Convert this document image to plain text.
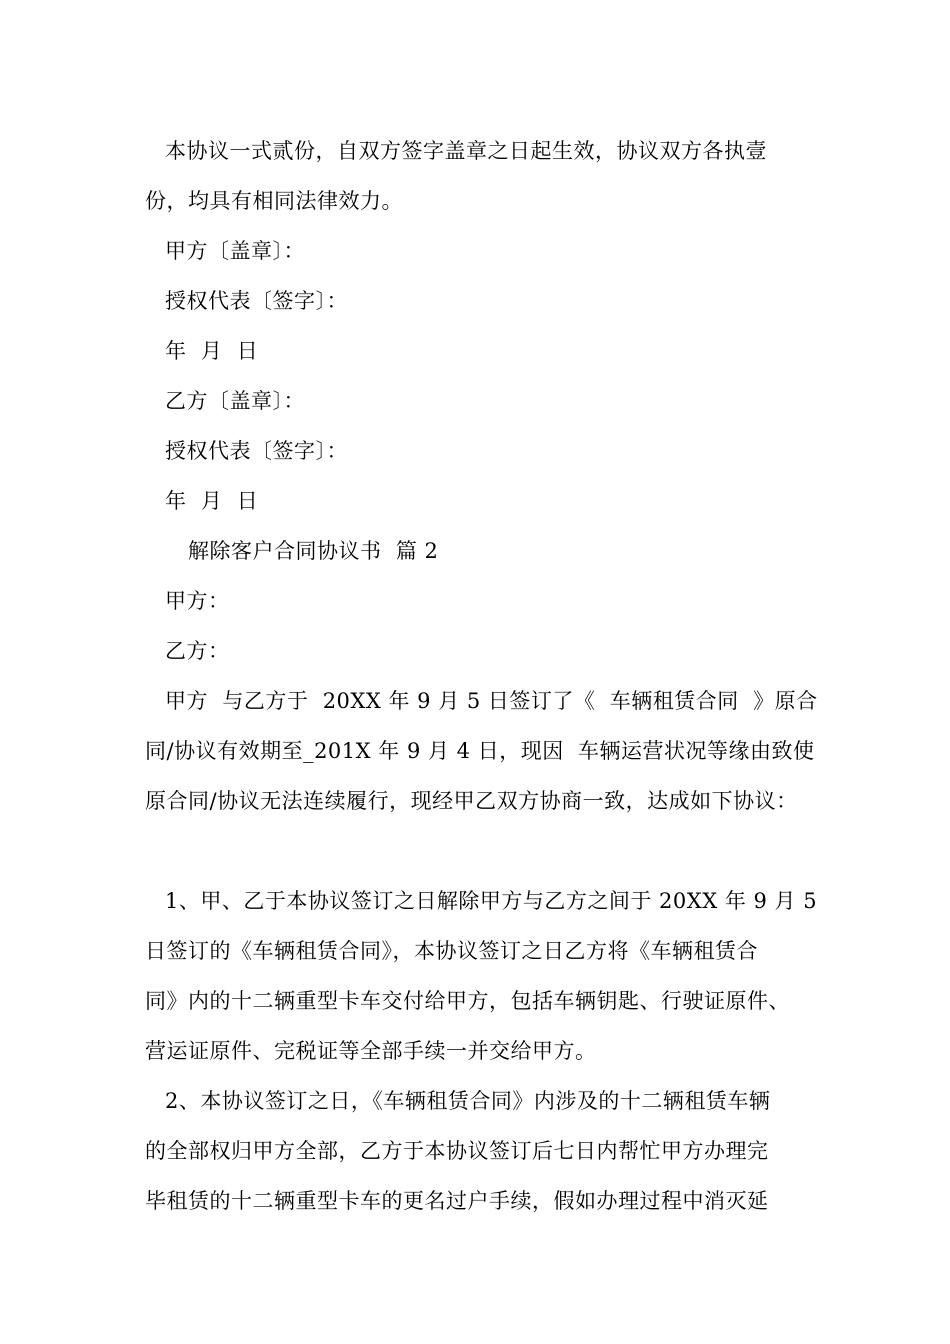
本协议一式贰份，自双方签字盖章之日起生效，协议双方各执壹
份，均具有相同法律效力。
甲方〔盖章〕：
授权代表〔签字〕：
年  月  日
乙方〔盖章〕：
授权代表〔签字〕：
年  月  日
解除客户合同协议书  篇 2
甲方：
乙方：
甲方  与乙方于  20XX 年 9 月 5 日签订了《  车辆租赁合同  》原合
同/协议有效期至_201X 年 9 月 4 日，现因  车辆运营状况等缘由致使
原合同/协议无法连续履行，现经甲乙双方协商一致，达成如下协议：
1、甲、乙于本协议签订之日解除甲方与乙方之间于 20XX 年 9 月 5
日签订的《车辆租赁合同》，本协议签订之日乙方将《车辆租赁合
同》内的十二辆重型卡车交付给甲方，包括车辆钥匙、行驶证原件、
营运证原件、完税证等全部手续一并交给甲方。
2、本协议签订之日，《车辆租赁合同》内涉及的十二辆租赁车辆
的全部权归甲方全部，乙方于本协议签订后七日内帮忙甲方办理完
毕租赁的十二辆重型卡车的更名过户手续，假如办理过程中消灭延
